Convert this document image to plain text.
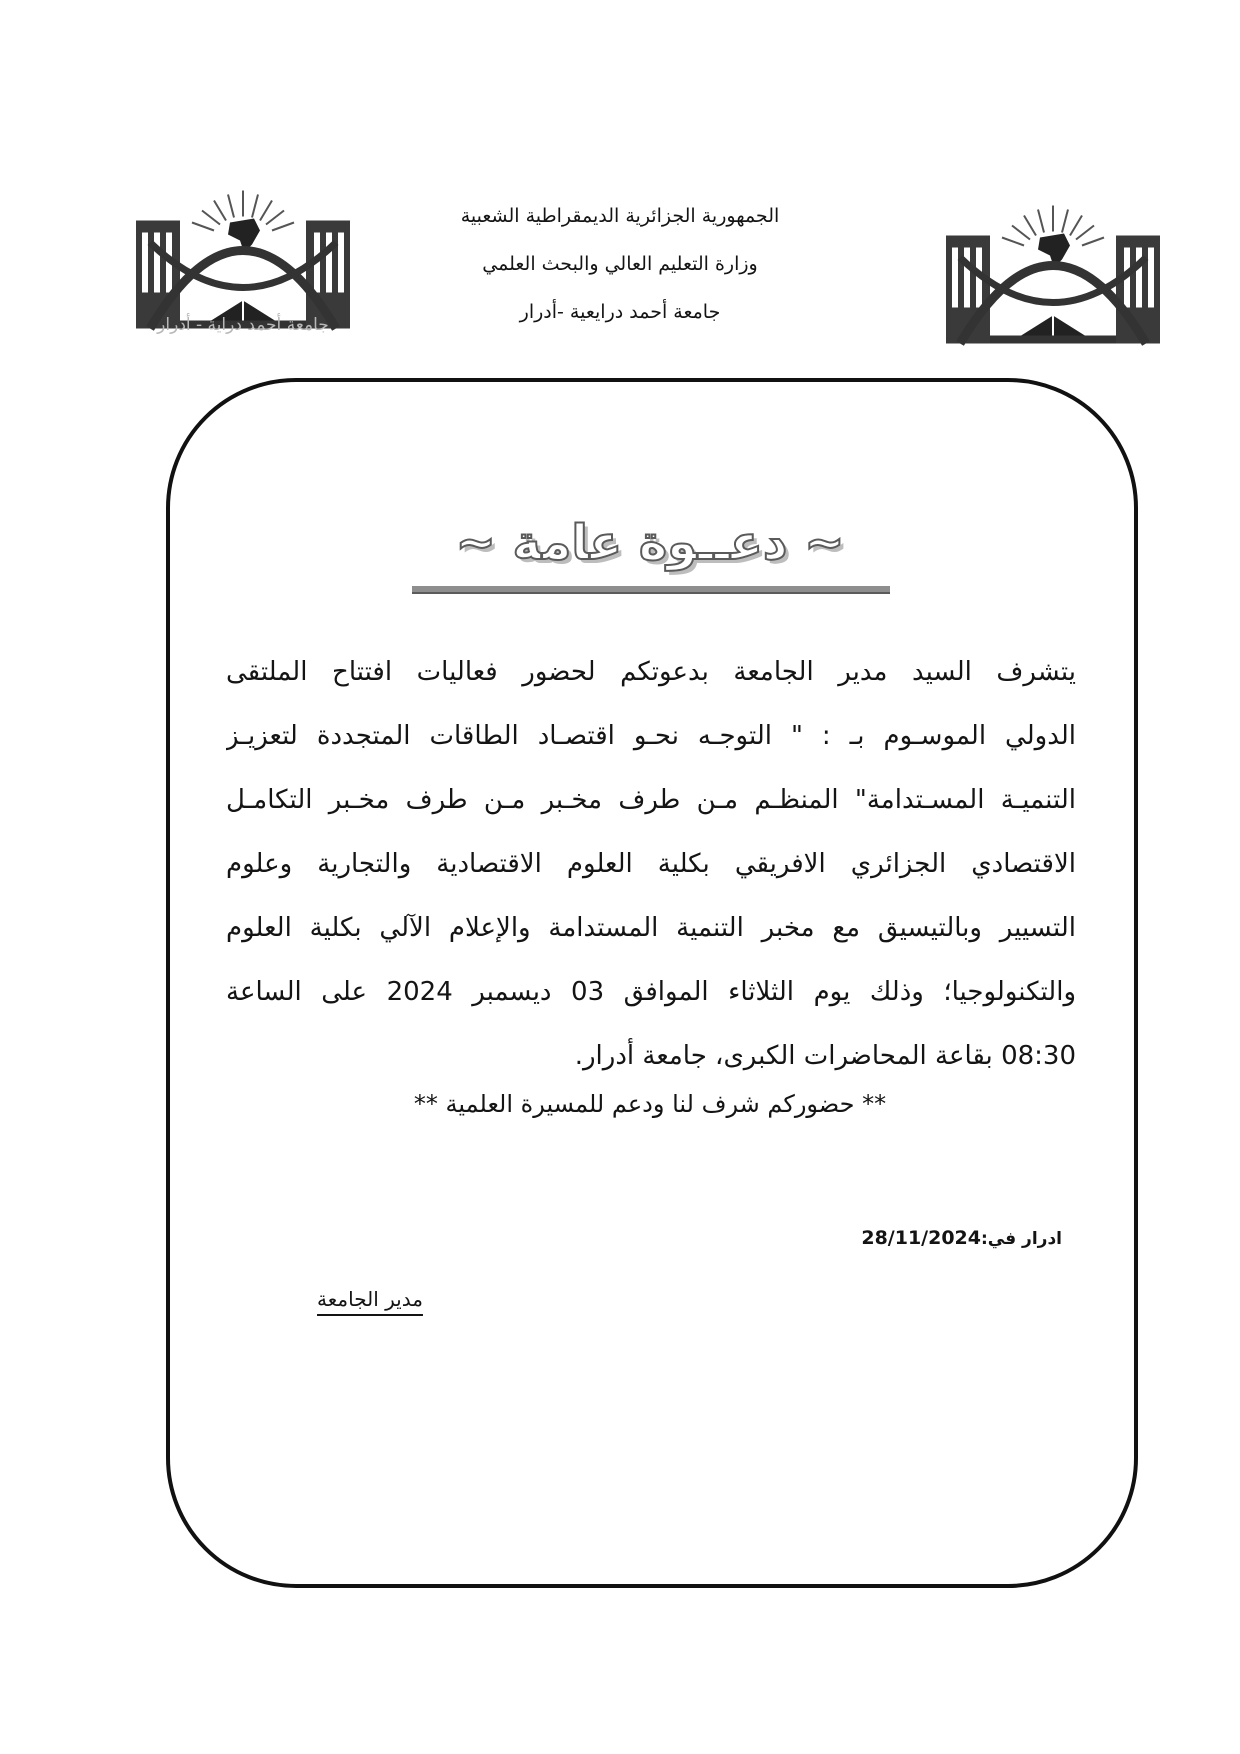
الجمهورية الجزائرية الديمقراطية الشعبية
وزارة التعليم العالي والبحث العلمي
جامعة أحمد درايعية -أدرار
جامعة أحمد دراية - أدرار
~ دعــوة عامة ~
يتشرف السيد مدير الجامعة بدعوتكم لحضور فعاليات افتتاح الملتقى
الدولي الموسـوم بـ : " التوجـه نحـو اقتصـاد الطاقات المتجددة لتعزيـز
التنميـة المسـتدامة" المنظـم مـن طرف مخـبر مـن طرف مخـبر التكامـل
الاقتصادي الجزائري الافريقي بكلية العلوم الاقتصادية والتجارية وعلوم
التسيير وبالتيسيق مع مخبر التنمية المستدامة والإعلام الآلي بكلية العلوم
والتكنولوجيا؛ وذلك يوم الثلاثاء الموافق 03 ديسمبر 2024 على الساعة
08:30 بقاعة المحاضرات الكبرى، جامعة أدرار.
** حضوركم شرف لنا ودعم للمسيرة العلمية **
ادرار في:28/11/2024
مدير الجامعة
